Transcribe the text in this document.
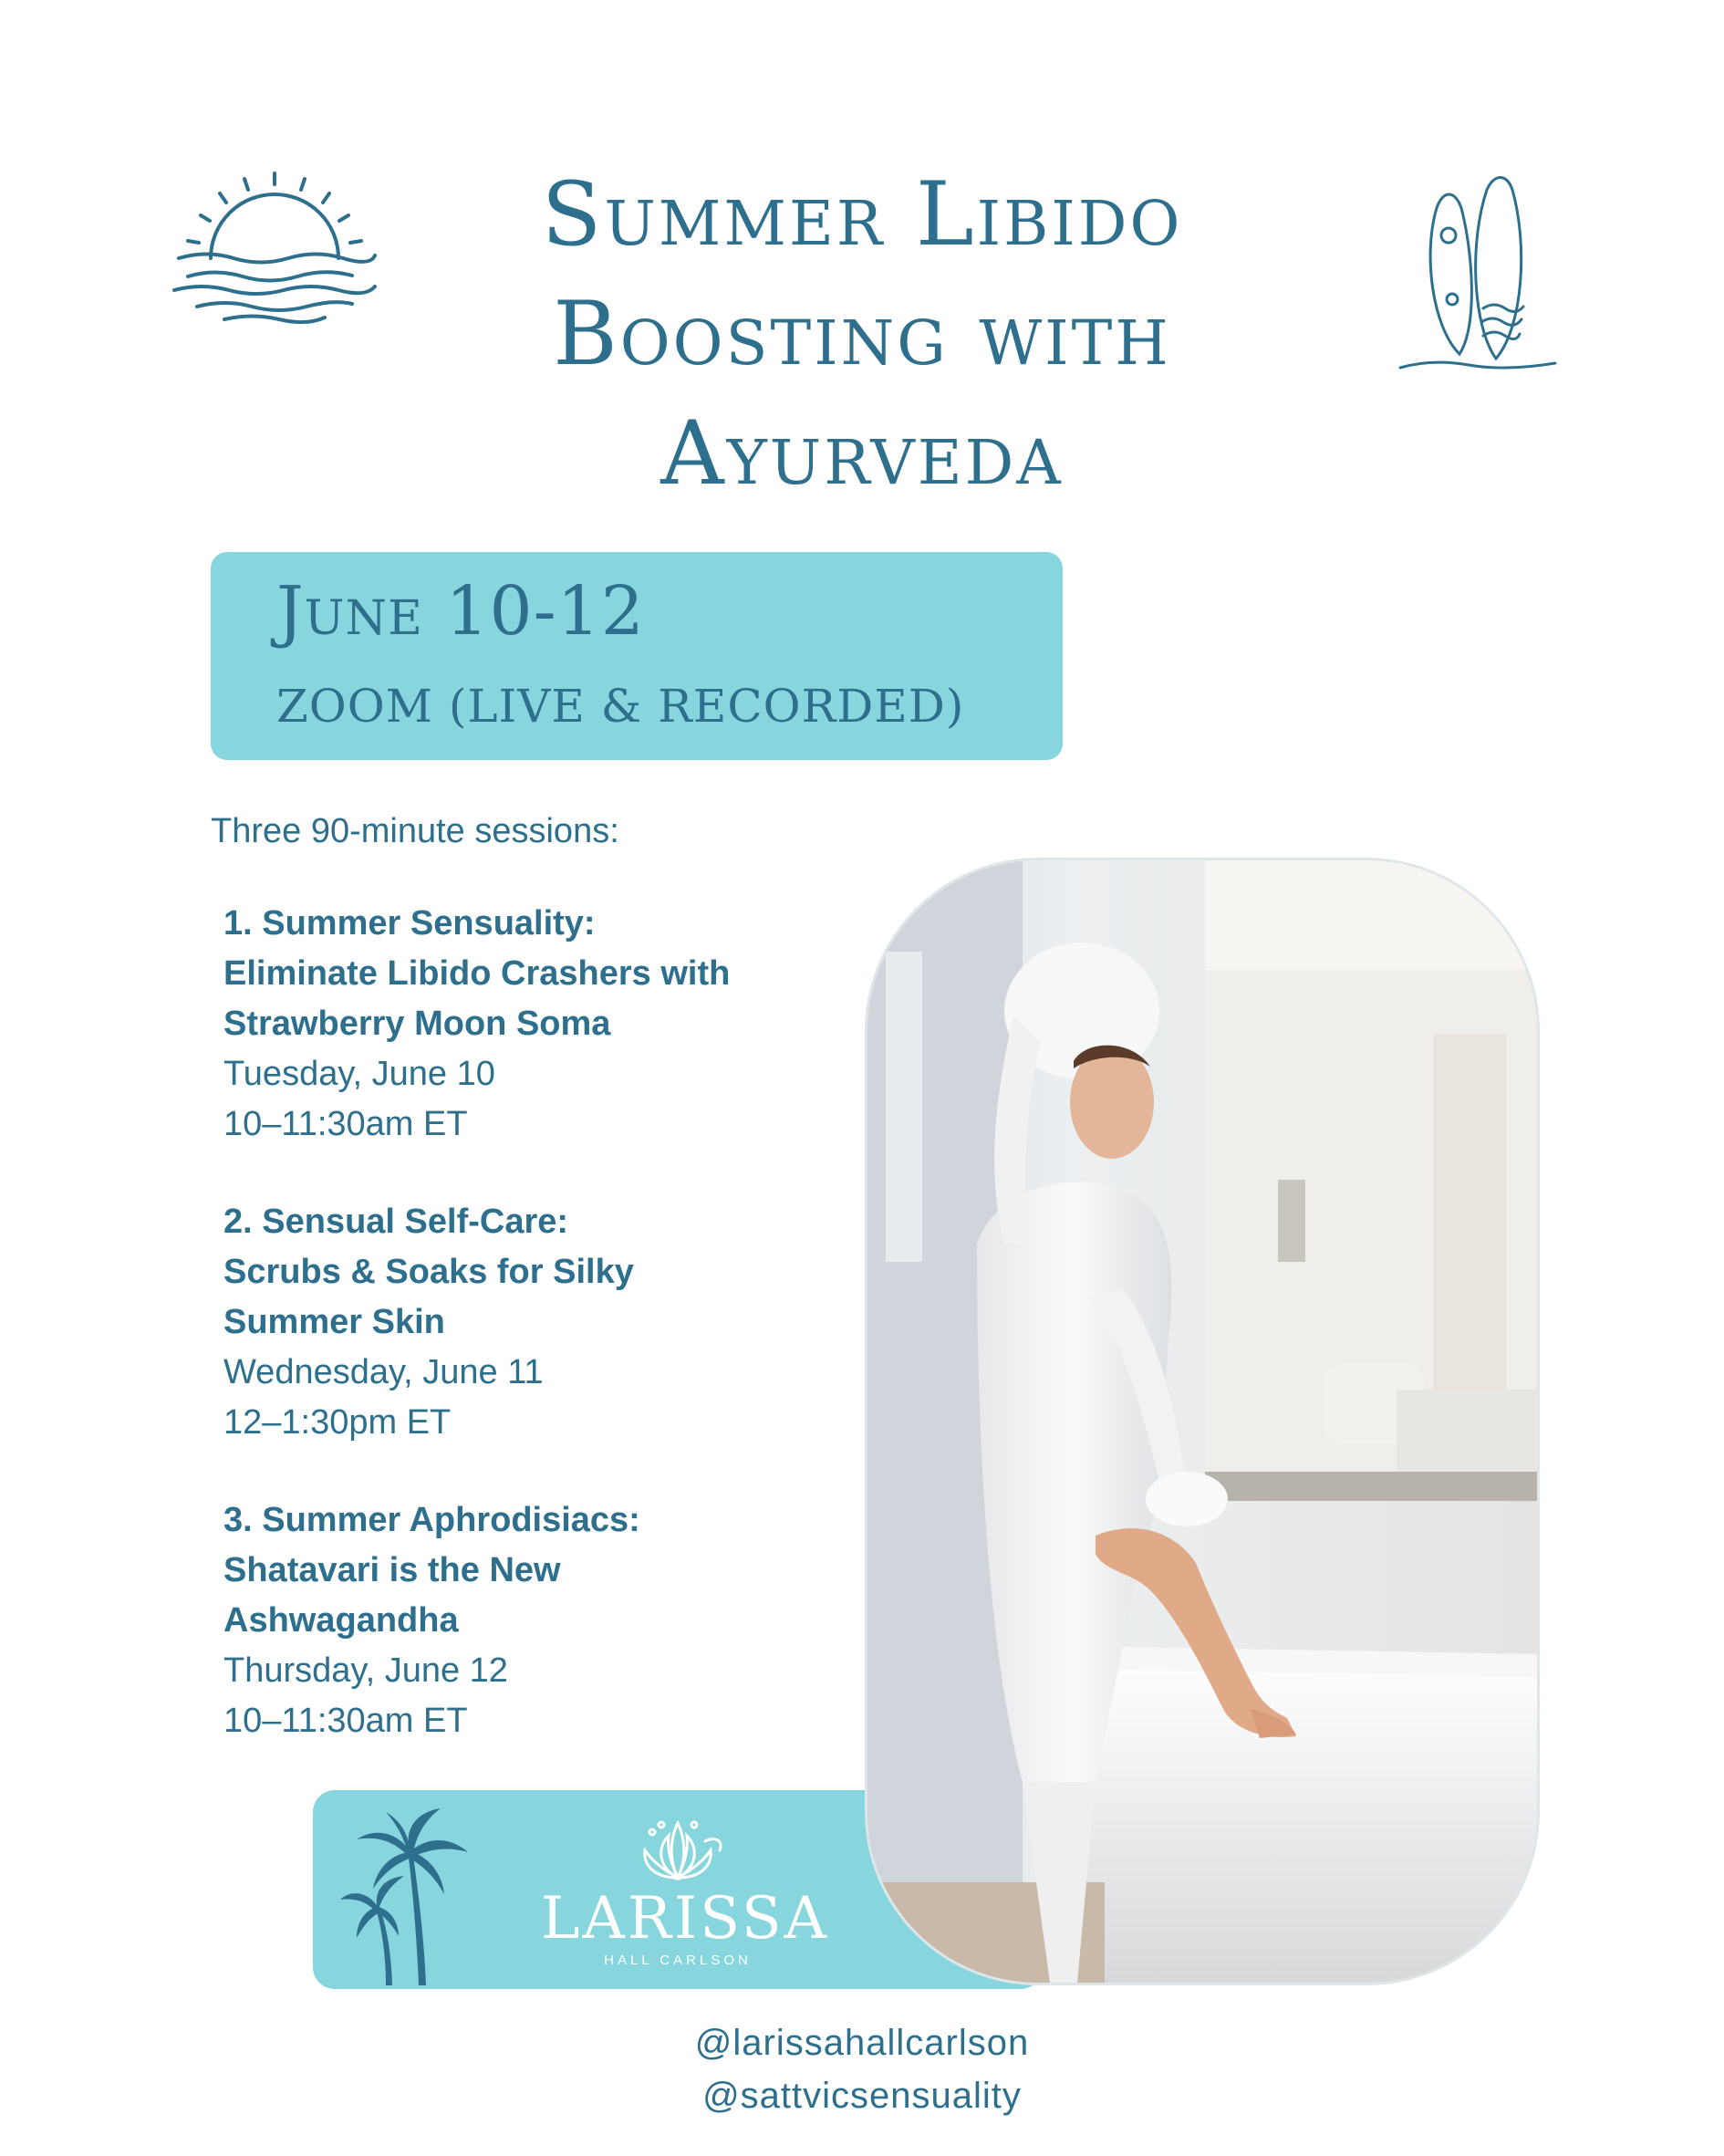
Summer Libido
Boosting with
Ayurveda
June 10-12
ZOOM (LIVE & RECORDED)
Three 90-minute sessions:
1. Summer Sensuality:
Eliminate Libido Crashers with
Strawberry Moon Soma
Tuesday, June 10
10–11:30am ET
2. Sensual Self-Care:
Scrubs & Soaks for Silky
Summer Skin
Wednesday, June 11
12–1:30pm ET
3. Summer Aphrodisiacs:
Shatavari is the New
Ashwagandha
Thursday, June 12
10–11:30am ET
LARISSA
HALL CARLSON
@larissahallcarlson
@sattvicsensuality
